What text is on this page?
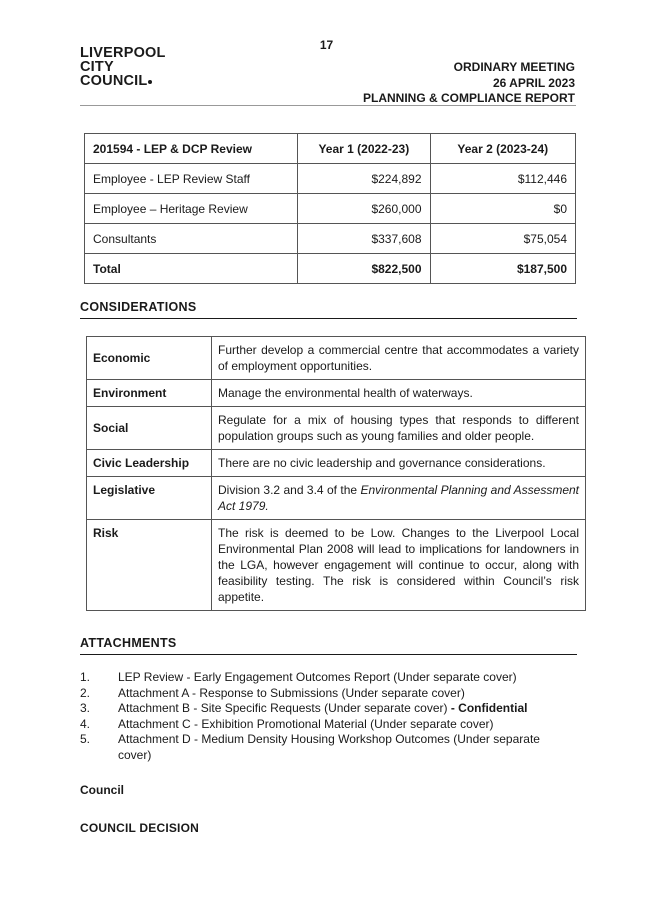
17
LIVERPOOL
CITY
COUNCIL
ORDINARY MEETING
26 APRIL 2023
PLANNING & COMPLIANCE REPORT
201594 - LEP & DCP Review	Year 1 (2022-23)	Year 2 (2023-24)
Employee - LEP Review Staff	$224,892	$112,446
Employee – Heritage Review	$260,000	$0
Consultants	$337,608	$75,054
Total	$822,500	$187,500
CONSIDERATIONS
Economic	Further develop a commercial centre that accommodates a variety of employment opportunities.
Environment	Manage the environmental health of waterways.
Social	Regulate for a mix of housing types that responds to different population groups such as young families and older people.
Civic Leadership	There are no civic leadership and governance considerations.
Legislative	Division 3.2 and 3.4 of the Environmental Planning and Assessment Act 1979.
Risk	The risk is deemed to be Low. Changes to the Liverpool Local Environmental Plan 2008 will lead to implications for landowners in the LGA, however engagement will continue to occur, along with feasibility testing. The risk is considered within Council’s risk appetite.
ATTACHMENTS
1.	LEP Review - Early Engagement Outcomes Report (Under separate cover)
2.	Attachment A - Response to Submissions (Under separate cover)
3.	Attachment B - Site Specific Requests (Under separate cover) - Confidential
4.	Attachment C - Exhibition Promotional Material (Under separate cover)
5.	Attachment D - Medium Density Housing Workshop Outcomes (Under separate cover)
Council
COUNCIL DECISION
